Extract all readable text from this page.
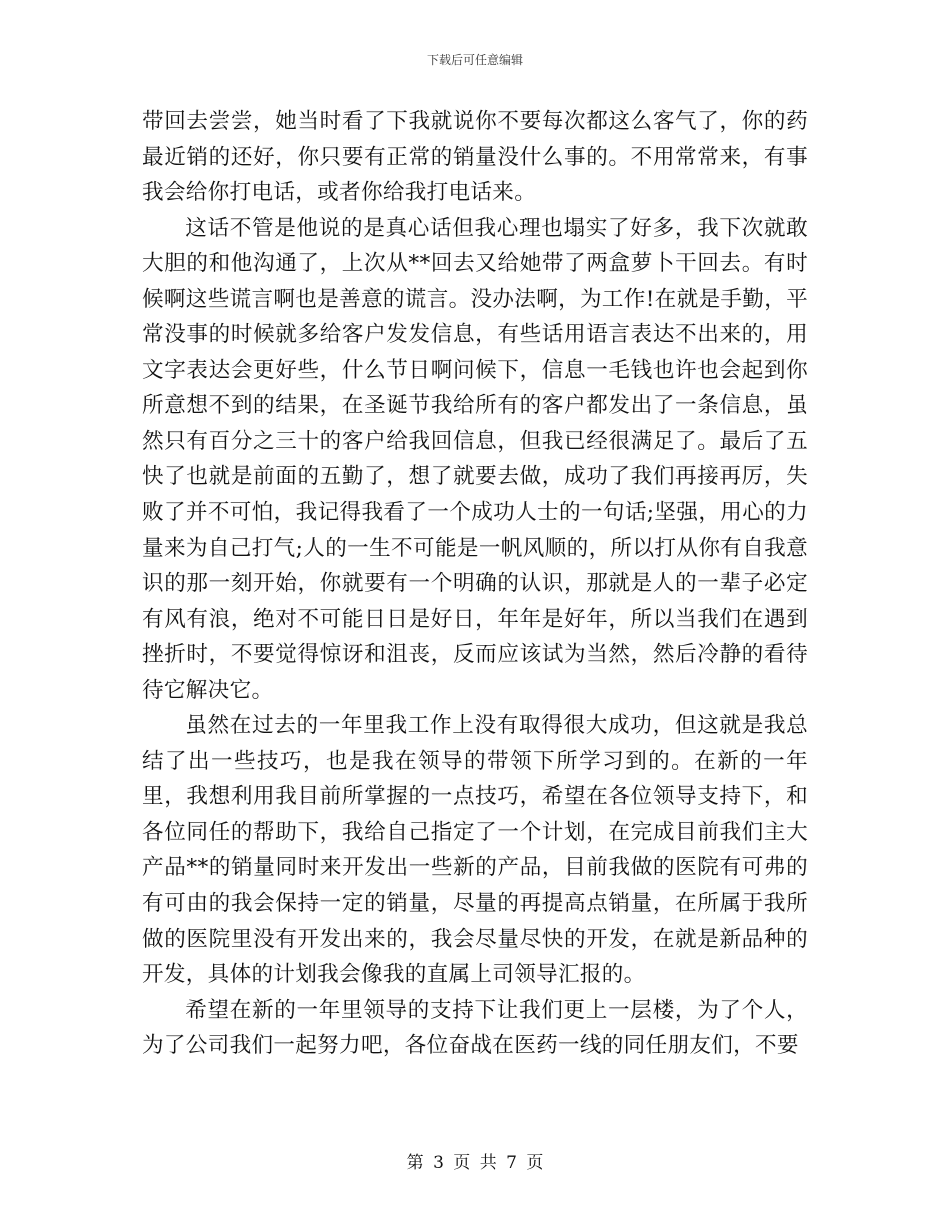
下载后可任意编辑

带回去尝尝，她当时看了下我就说你不要每次都这么客气了，你的药最近销的还好，你只要有正常的销量没什么事的。不用常常来，有事我会给你打电话，或者你给我打电话来。

这话不管是他说的是真心话但我心理也塌实了好多，我下次就敢大胆的和他沟通了，上次从**回去又给她带了两盒萝卜干回去。有时候啊这些谎言啊也是善意的谎言。没办法啊，为工作!在就是手勤，平常没事的时候就多给客户发发信息，有些话用语言表达不出来的，用文字表达会更好些，什么节日啊问候下，信息一毛钱也许也会起到你所意想不到的结果，在圣诞节我给所有的客户都发出了一条信息，虽然只有百分之三十的客户给我回信息，但我已经很满足了。最后了五快了也就是前面的五勤了，想了就要去做，成功了我们再接再厉，失败了并不可怕，我记得我看了一个成功人士的一句话;坚强，用心的力量来为自己打气;人的一生不可能是一帆风顺的，所以打从你有自我意识的那一刻开始，你就要有一个明确的认识，那就是人的一辈子必定有风有浪，绝对不可能日日是好日，年年是好年，所以当我们在遇到挫折时，不要觉得惊讶和沮丧，反而应该试为当然，然后冷静的看待待它解决它。

虽然在过去的一年里我工作上没有取得很大成功，但这就是我总结了出一些技巧，也是我在领导的带领下所学习到的。在新的一年里，我想利用我目前所掌握的一点技巧，希望在各位领导支持下，和各位同任的帮助下，我给自己指定了一个计划，在完成目前我们主大产品**的销量同时来开发出一些新的产品，目前我做的医院有可弗的有可由的我会保持一定的销量，尽量的再提高点销量，在所属于我所做的医院里没有开发出来的，我会尽量尽快的开发，在就是新品种的开发，具体的计划我会像我的直属上司领导汇报的。

希望在新的一年里领导的支持下让我们更上一层楼，为了个人，为了公司我们一起努力吧，各位奋战在医药一线的同任朋友们，不要

第 3 页 共 7 页
